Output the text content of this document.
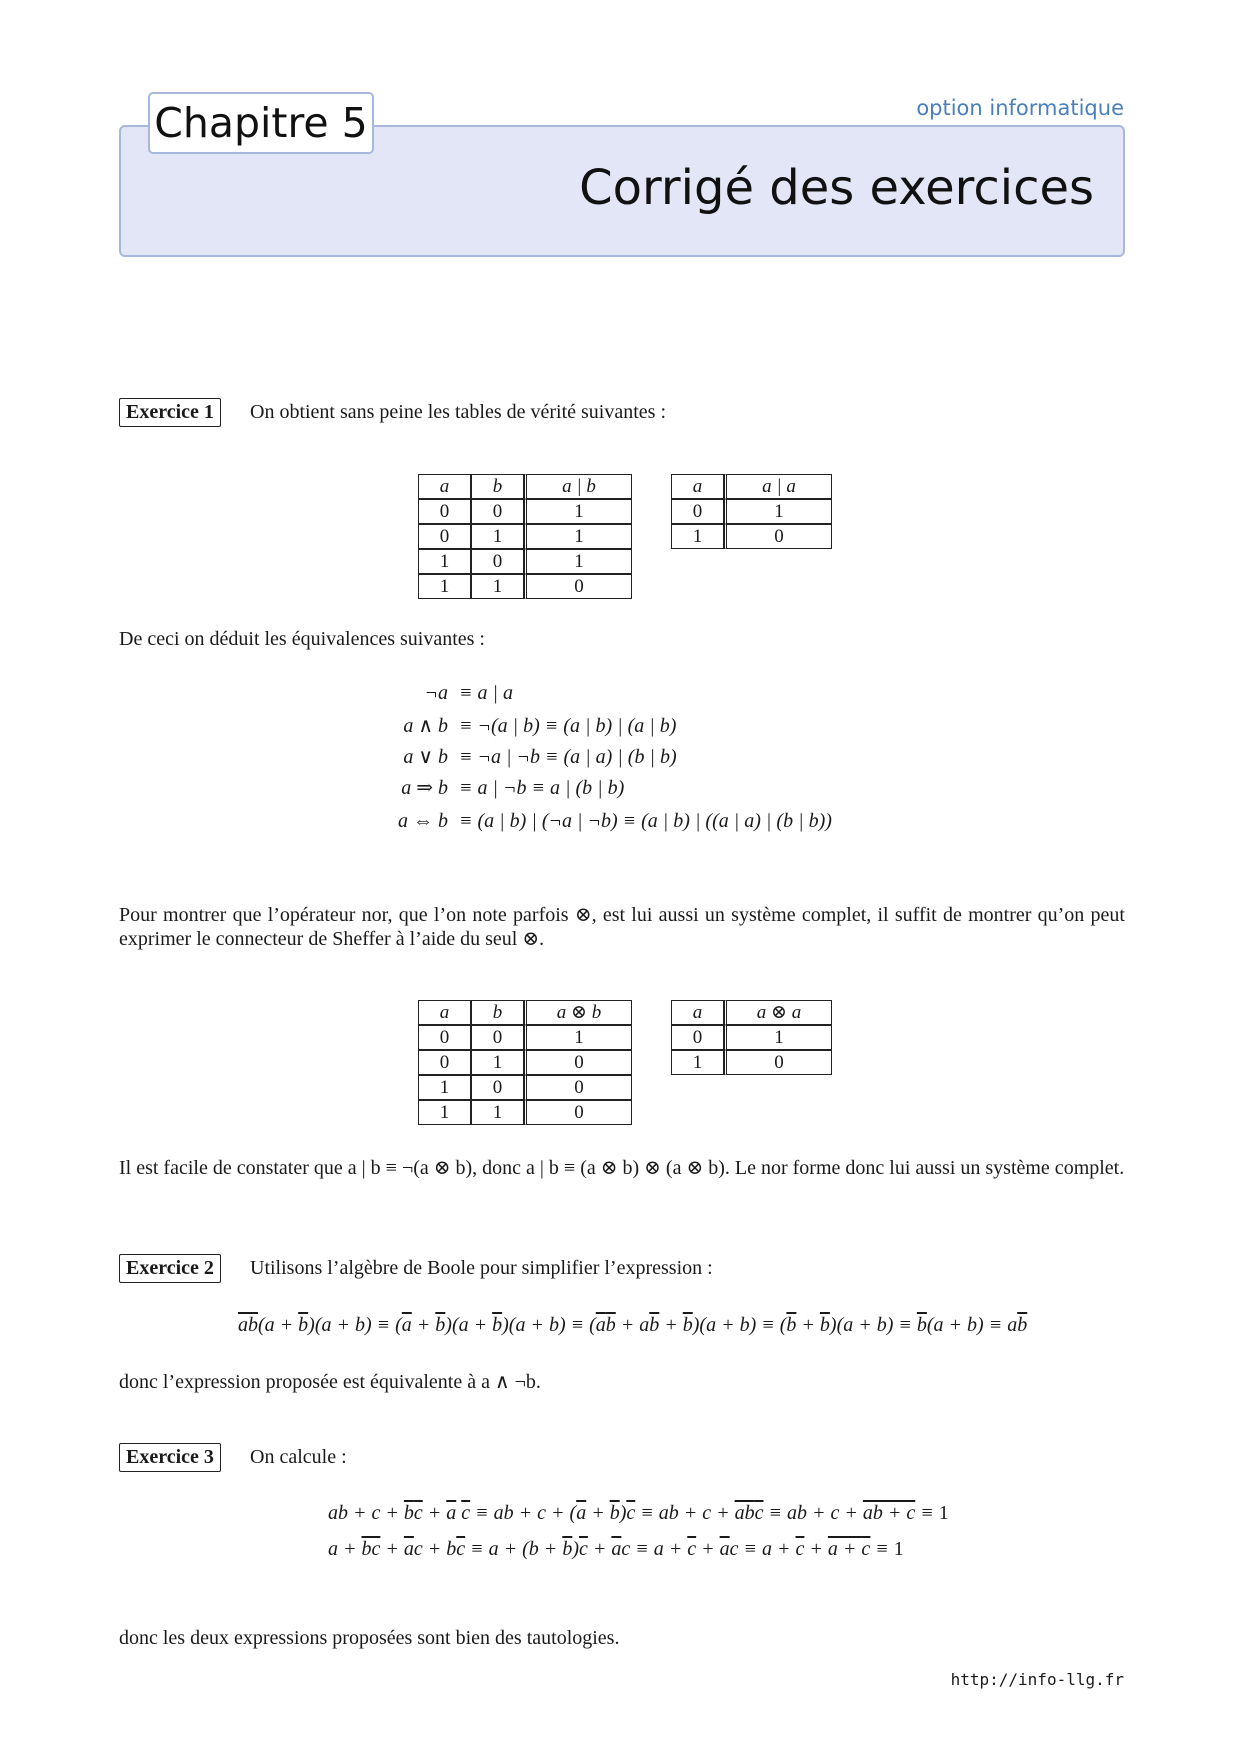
Chapitre 5	option informatique
Corrigé des exercices
Exercice 1	On obtient sans peine les tables de vérité suivantes :
a	b	a | b
0	0	1
0	1	1
1	0	1
1	1	0
a	a | a
0	1
1	0
De ceci on déduit les équivalences suivantes :
¬a ≡ a | a
a ∧ b ≡ ¬(a | b) ≡ (a | b) | (a | b)
a ∨ b ≡ ¬a | ¬b ≡ (a | a) | (b | b)
a ⇒ b ≡ a | ¬b ≡ a | (b | b)
a ⇔ b ≡ (a | b) | (¬a | ¬b) ≡ (a | b) | ((a | a) | (b | b))
Pour montrer que l’opérateur nor, que l’on note parfois ⊗, est lui aussi un système complet, il suffit de montrer qu’on peut exprimer le connecteur de Sheffer à l’aide du seul ⊗.
a	b	a ⊗ b
0	0	1
0	1	0
1	0	0
1	1	0
a	a ⊗ a
0	1
1	0
Il est facile de constater que a | b ≡ ¬(a ⊗ b), donc a | b ≡ (a ⊗ b) ⊗ (a ⊗ b). Le nor forme donc lui aussi un système complet.
Exercice 2	Utilisons l’algèbre de Boole pour simplifier l’expression :
$\overline{ab}(a + \overline{b})(a + b) \equiv (\overline{a} + \overline{b})(a + \overline{b})(a + b) \equiv (\overline{a}\overline{b} + a\overline{b} + \overline{b})(a + b) \equiv (\overline{b} + \overline{b})(a + b) \equiv \overline{b}(a + b) \equiv a\overline{b}$
donc l’expression proposée est équivalente à a ∧ ¬b.
Exercice 3	On calcule :
ab + $c + \overline{b}\overline{c} + \overline{a}$ $\overline{c}$ ≡ ab + $c + (\overline{a} + \overline{b})\overline{c}$ ≡ ab + $c + \overline{ab}\overline{c}$ ≡ ab + c + ab + c ≡ 1
$a + \overline{b}\overline{c} + \overline{a}c + b\overline{c} \equiv a + (b + \overline{b})\overline{c} + \overline{a}c \equiv a + \overline{c} + \overline{a}c \equiv a + \overline{c} + a + c \equiv 1$
donc les deux expressions proposées sont bien des tautologies.
http://info-llg.fr
